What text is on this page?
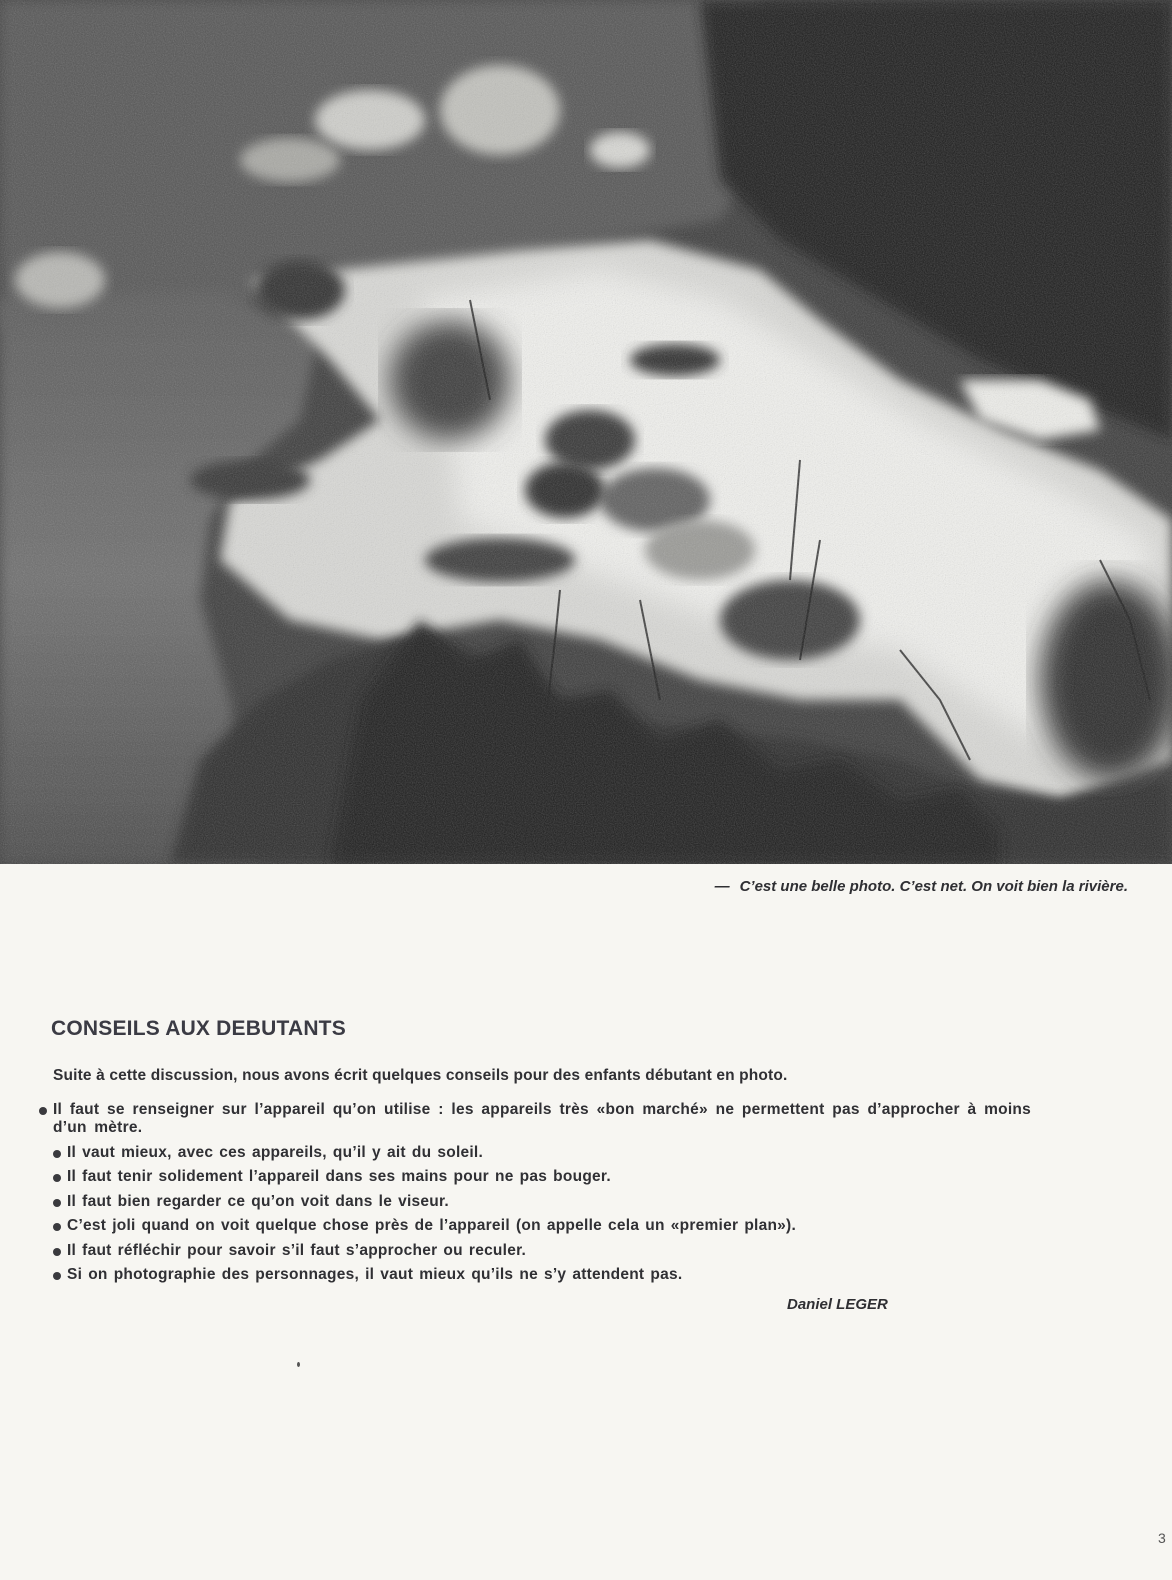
— C’est une belle photo. C’est net. On voit bien la rivière.
CONSEILS AUX DEBUTANTS

Suite à cette discussion, nous avons écrit quelques conseils pour des enfants débutant en photo.

Il faut se renseigner sur l’appareil qu’on utilise : les appareils très «bon marché» ne permettent pas d’approcher à moins d’un mètre.
Il vaut mieux, avec ces appareils, qu’il y ait du soleil.
Il faut tenir solidement l’appareil dans ses mains pour ne pas bouger.
Il faut bien regarder ce qu’on voit dans le viseur.
C’est joli quand on voit quelque chose près de l’appareil (on appelle cela un «premier plan»).
Il faut réfléchir pour savoir s’il faut s’approcher ou reculer.
Si on photographie des personnages, il vaut mieux qu’ils ne s’y attendent pas.
Daniel LEGER
3
